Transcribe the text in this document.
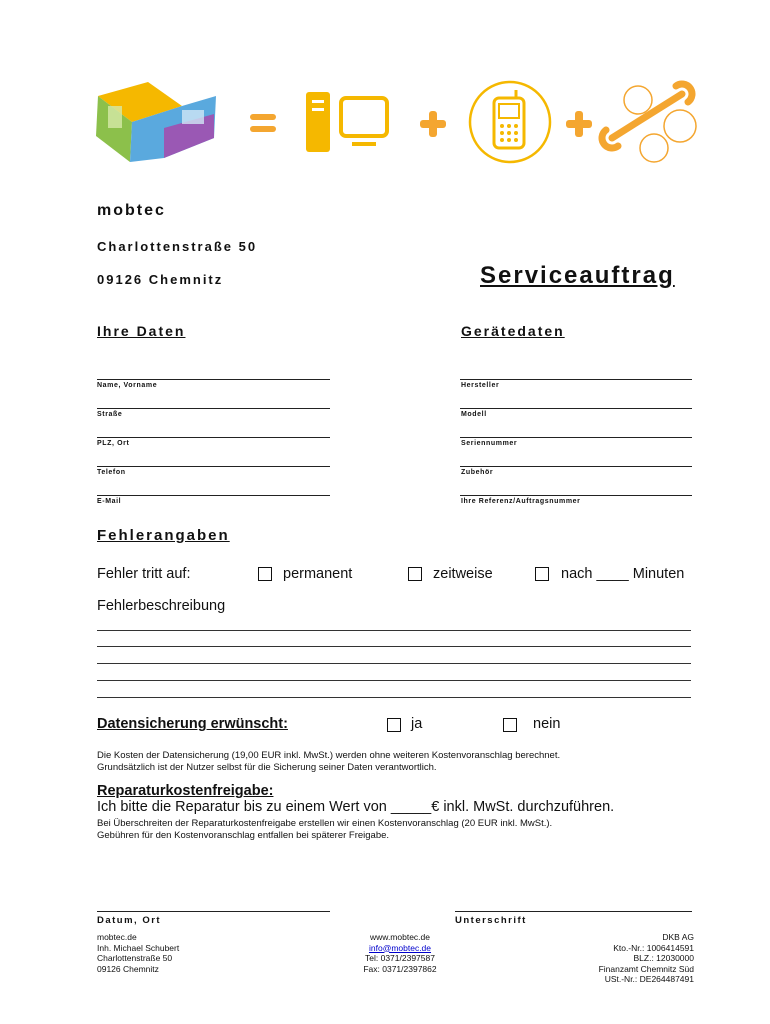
mobtec
Charlottenstraße 50
09126 Chemnitz	Serviceauftrag
Ihre Daten	Gerätedaten
Name, Vorname
Straße
PLZ, Ort
Telefon
E-Mail
Hersteller
Modell
Seriennummer
Zubehör
Ihre Referenz/Auftragsnummer
Fehlerangaben
Fehler tritt auf:	permanent	zeitweise	nach ____ Minuten
Fehlerbeschreibung
Datensicherung erwünscht:	ja	nein
Die Kosten der Datensicherung (19,00 EUR inkl. MwSt.) werden ohne weiteren Kostenvoranschlag berechnet.
Grundsätzlich ist der Nutzer selbst für die Sicherung seiner Daten verantwortlich.
Reparaturkostenfreigabe:
Ich bitte die Reparatur bis zu einem Wert von _____€ inkl. MwSt. durchzuführen.
Bei Überschreiten der Reparaturkostenfreigabe erstellen wir einen Kostenvoranschlag (20 EUR inkl. MwSt.).
Gebühren für den Kostenvoranschlag entfallen bei späterer Freigabe.
Datum, Ort	Unterschrift
mobtec.de
Inh. Michael Schubert
Charlottenstraße 50
09126 Chemnitz
www.mobtec.de
info@mobtec.de
Tel: 0371/2397587
Fax: 0371/2397862
DKB AG
Kto.-Nr.: 1006414591
BLZ.: 12030000
Finanzamt Chemnitz Süd
USt.-Nr.: DE264487491
